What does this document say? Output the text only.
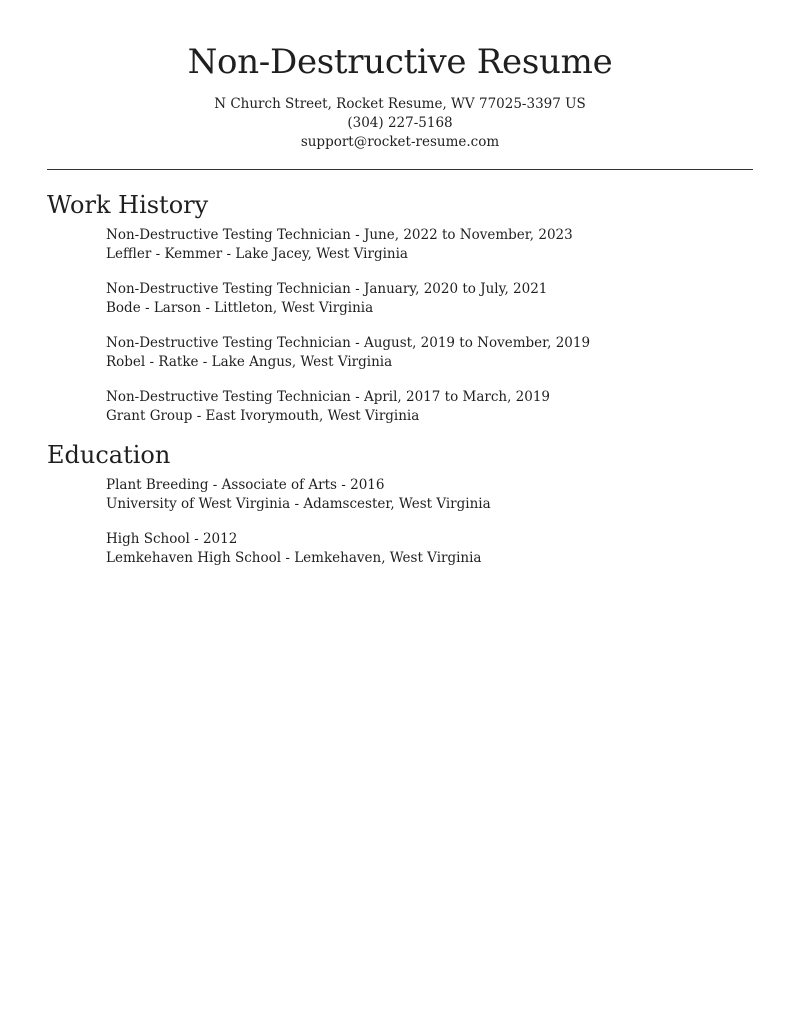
Non-Destructive Resume
N Church Street, Rocket Resume, WV 77025-3397 US
(304) 227-5168
support@rocket-resume.com
Work History
Non-Destructive Testing Technician - June, 2022 to November, 2023
Leffler - Kemmer - Lake Jacey, West Virginia
Non-Destructive Testing Technician - January, 2020 to July, 2021
Bode - Larson - Littleton, West Virginia
Non-Destructive Testing Technician - August, 2019 to November, 2019
Robel - Ratke - Lake Angus, West Virginia
Non-Destructive Testing Technician - April, 2017 to March, 2019
Grant Group - East Ivorymouth, West Virginia
Education
Plant Breeding - Associate of Arts - 2016
University of West Virginia - Adamscester, West Virginia
High School - 2012
Lemkehaven High School - Lemkehaven, West Virginia
